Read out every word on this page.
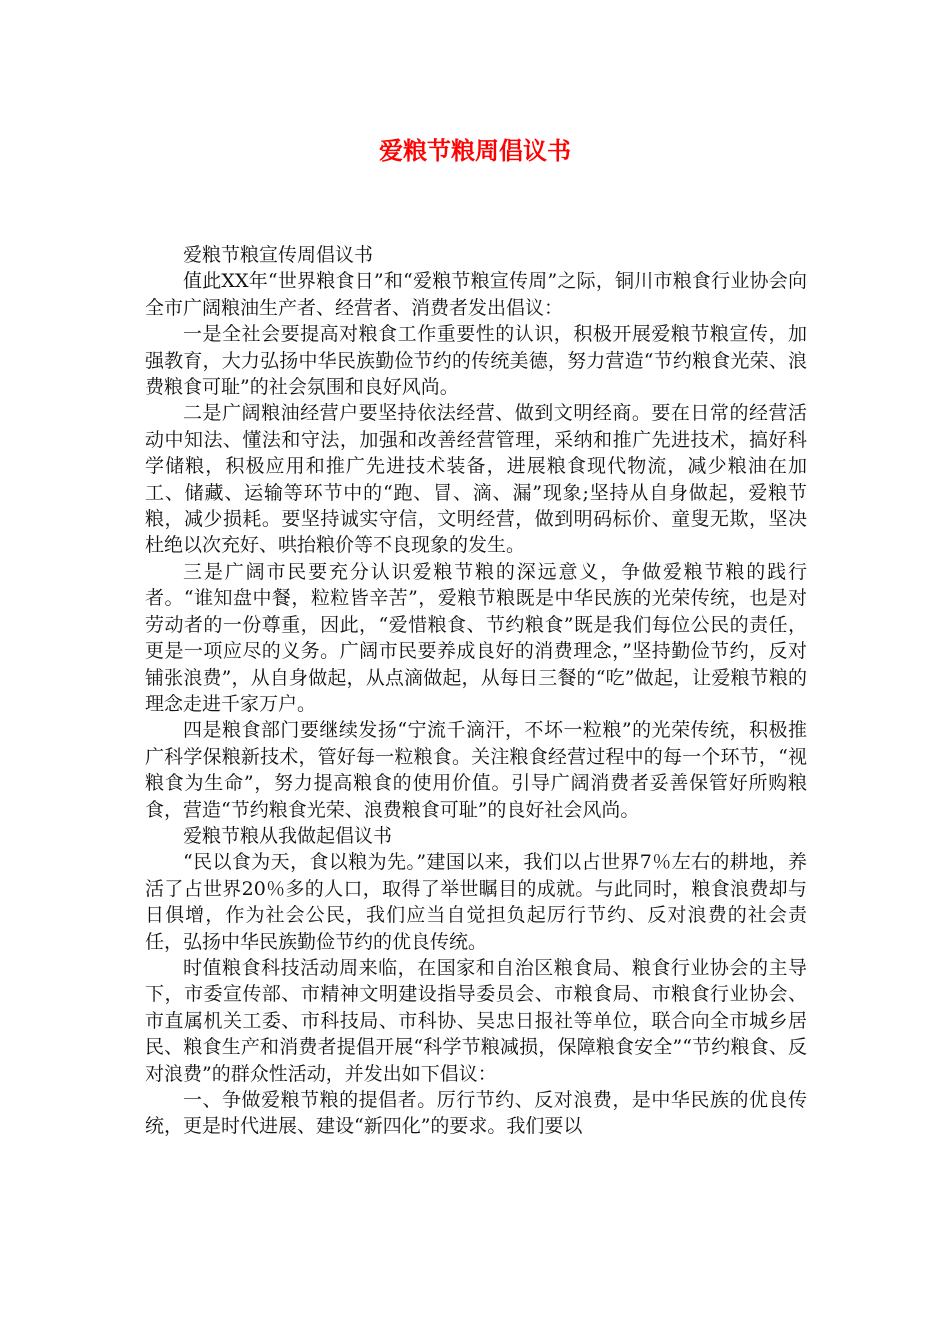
爱粮节粮周倡议书

爱粮节粮宣传周倡议书

值此XX年“世界粮食日”和“爱粮节粮宣传周”之际，铜川市粮食行业协会向全市广阔粮油生产者、经营者、消费者发出倡议：

一是全社会要提高对粮食工作重要性的认识，积极开展爱粮节粮宣传，加强教育，大力弘扬中华民族勤俭节约的传统美德，努力营造“节约粮食光荣、浪费粮食可耻”的社会氛围和良好风尚。

二是广阔粮油经营户要坚持依法经营、做到文明经商。要在日常的经营活动中知法、懂法和守法，加强和改善经营管理，采纳和推广先进技术，搞好科学储粮，积极应用和推广先进技术装备，进展粮食现代物流，减少粮油在加工、储藏、运输等环节中的“跑、冒、滴、漏”现象;坚持从自身做起，爱粮节粮，减少损耗。要坚持诚实守信，文明经营，做到明码标价、童叟无欺，坚决杜绝以次充好、哄抬粮价等不良现象的发生。

三是广阔市民要充分认识爱粮节粮的深远意义，争做爱粮节粮的践行者。“谁知盘中餐，粒粒皆辛苦”，爱粮节粮既是中华民族的光荣传统，也是对劳动者的一份尊重，因此，“爱惜粮食、节约粮食”既是我们每位公民的责任，更是一项应尽的义务。广阔市民要养成良好的消费理念，”坚持勤俭节约，反对铺张浪费”，从自身做起，从点滴做起，从每日三餐的“吃”做起，让爱粮节粮的理念走进千家万户。

四是粮食部门要继续发扬“宁流千滴汗，不坏一粒粮”的光荣传统，积极推广科学保粮新技术，管好每一粒粮食。关注粮食经营过程中的每一个环节，“视粮食为生命”，努力提高粮食的使用价值。引导广阔消费者妥善保管好所购粮食，营造“节约粮食光荣、浪费粮食可耻”的良好社会风尚。

爱粮节粮从我做起倡议书

“民以食为天，食以粮为先。”建国以来，我们以占世界7％左右的耕地，养活了占世界20％多的人口，取得了举世瞩目的成就。与此同时，粮食浪费却与日俱增，作为社会公民，我们应当自觉担负起厉行节约、反对浪费的社会责任，弘扬中华民族勤俭节约的优良传统。

时值粮食科技活动周来临，在国家和自治区粮食局、粮食行业协会的主导下，市委宣传部、市精神文明建设指导委员会、市粮食局、市粮食行业协会、市直属机关工委、市科技局、市科协、吴忠日报社等单位，联合向全市城乡居民、粮食生产和消费者提倡开展“科学节粮减损，保障粮食安全”“节约粮食、反对浪费”的群众性活动，并发出如下倡议：

一、争做爱粮节粮的提倡者。厉行节约、反对浪费，是中华民族的优良传统，更是时代进展、建设“新四化”的要求。我们要以
